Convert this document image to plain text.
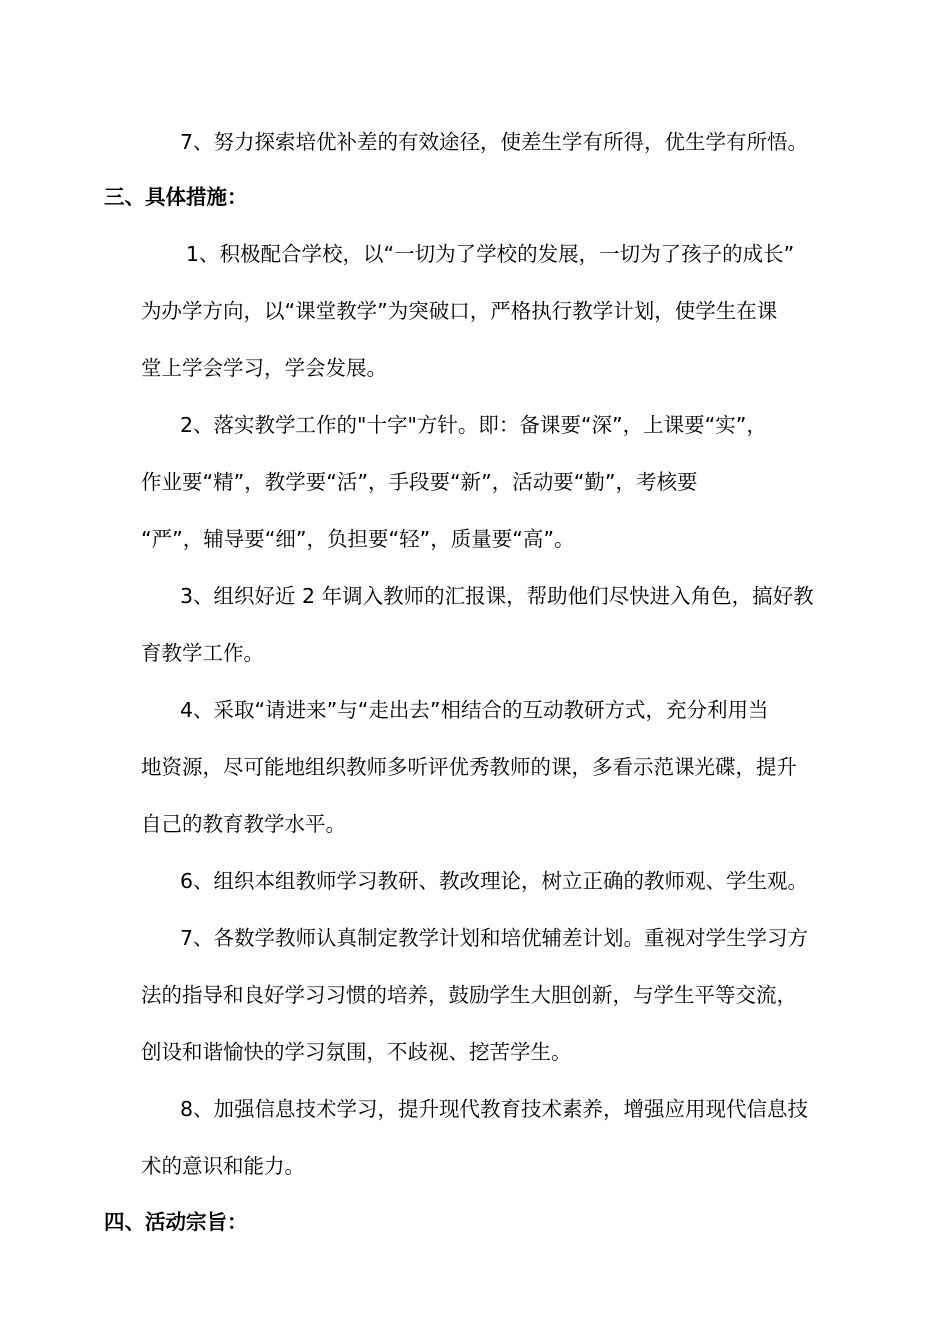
7、努力探索培优补差的有效途径，使差生学有所得，优生学有所悟。
三、具体措施：
1、积极配合学校，以“一切为了学校的发展，一切为了孩子的成长”
为办学方向，以“课堂教学”为突破口，严格执行教学计划，使学生在课
堂上学会学习，学会发展。
2、落实教学工作的"十字"方针。即：备课要“深”，上课要“实”，
作业要“精”，教学要“活”，手段要“新”，活动要“勤”，考核要
“严”，辅导要“细”，负担要“轻”，质量要“高”。
3、组织好近 2 年调入教师的汇报课，帮助他们尽快进入角色，搞好教
育教学工作。
4、采取“请进来”与“走出去”相结合的互动教研方式，充分利用当
地资源，尽可能地组织教师多听评优秀教师的课，多看示范课光碟，提升
自己的教育教学水平。
6、组织本组教师学习教研、教改理论，树立正确的教师观、学生观。
7、各数学教师认真制定教学计划和培优辅差计划。重视对学生学习方
法的指导和良好学习习惯的培养，鼓励学生大胆创新，与学生平等交流，
创设和谐愉快的学习氛围，不歧视、挖苦学生。
8、加强信息技术学习，提升现代教育技术素养，增强应用现代信息技
术的意识和能力。
四、活动宗旨：
